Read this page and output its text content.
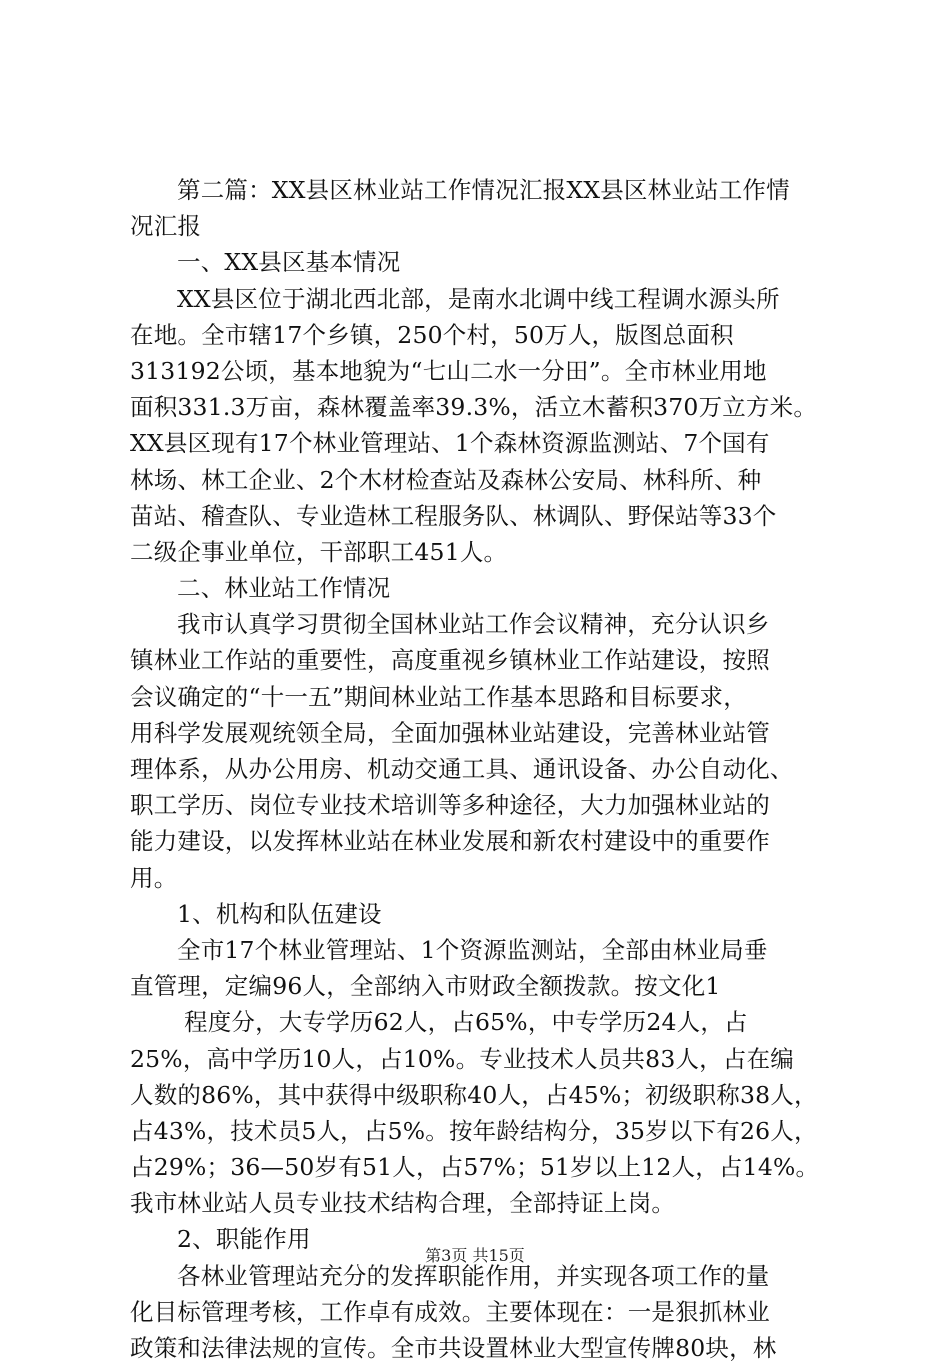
第二篇：XX县区林业站工作情况汇报XX县区林业站工作情
况汇报
一、XX县区基本情况
XX县区位于湖北西北部，是南水北调中线工程调水源头所
在地。全市辖17个乡镇，250个村，50万人，版图总面积
313192公顷，基本地貌为“七山二水一分田”。全市林业用地
面积331.3万亩，森林覆盖率39.3%，活立木蓄积370万立方米。
XX县区现有17个林业管理站、1个森林资源监测站、7个国有
林场、林工企业、2个木材检查站及森林公安局、林科所、种
苗站、稽查队、专业造林工程服务队、林调队、野保站等33个
二级企事业单位，干部职工451人。
二、林业站工作情况
我市认真学习贯彻全国林业站工作会议精神，充分认识乡
镇林业工作站的重要性，高度重视乡镇林业工作站建设，按照
会议确定的“十一五”期间林业站工作基本思路和目标要求，
用科学发展观统领全局，全面加强林业站建设，完善林业站管
理体系，从办公用房、机动交通工具、通讯设备、办公自动化、
职工学历、岗位专业技术培训等多种途径，大力加强林业站的
能力建设，以发挥林业站在林业发展和新农村建设中的重要作
用。
1、机构和队伍建设
全市17个林业管理站、1个资源监测站，全部由林业局垂
直管理，定编96人，全部纳入市财政全额拨款。按文化1
程度分，大专学历62人，占65%，中专学历24人，占
25%，高中学历10人，占10%。专业技术人员共83人，占在编
人数的86%，其中获得中级职称40人，占45%；初级职称38人，
占43%，技术员5人，占5%。按年龄结构分，35岁以下有26人，
占29%；36—50岁有51人，占57%；51岁以上12人，占14%。
我市林业站人员专业技术结构合理，全部持证上岗。
2、职能作用
各林业管理站充分的发挥职能作用，并实现各项工作的量
化目标管理考核，工作卓有成效。主要体现在：一是狠抓林业
政策和法律法规的宣传。全市共设置林业大型宣传牌80块，林
第3页 共15页
